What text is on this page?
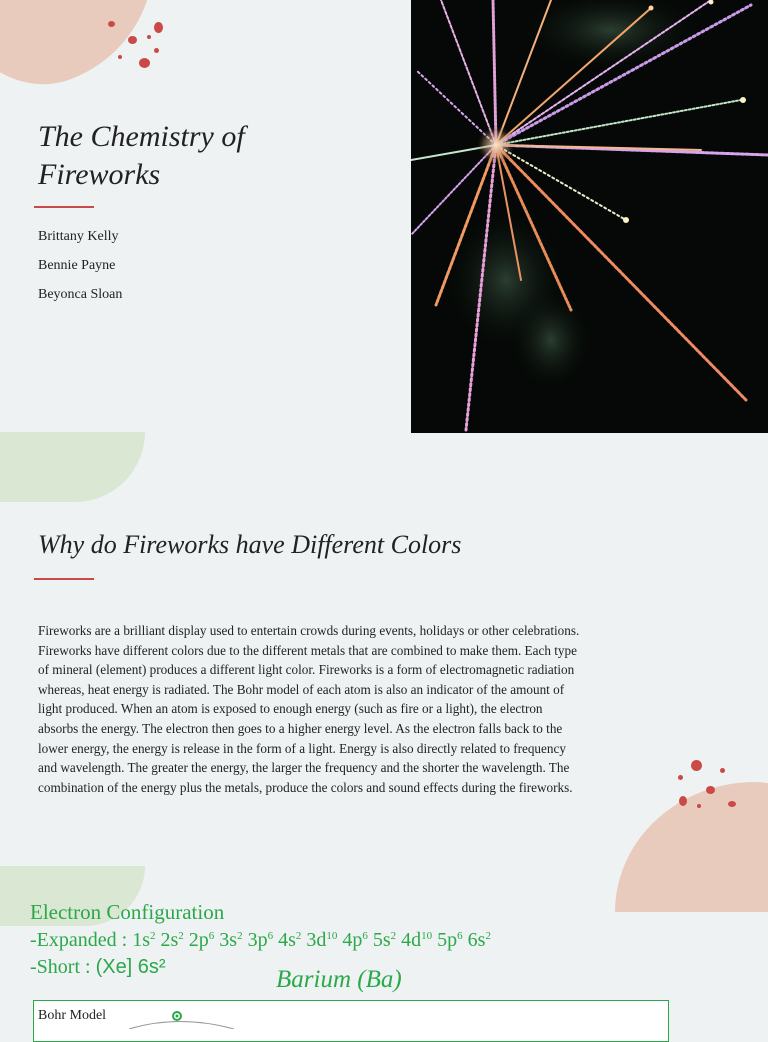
The Chemistry of
Fireworks
Brittany Kelly
Bennie Payne
Beyonca Sloan
Why do Fireworks have Different Colors
Fireworks are a brilliant display used to entertain crowds during events, holidays or other celebrations.
Fireworks have different colors due to the different metals that are combined to make them. Each type
of mineral (element) produces a different light color. Fireworks is a form of electromagnetic radiation
whereas, heat energy is radiated. The Bohr model of each atom is also an indicator of the amount of
light produced. When an atom is exposed to enough energy (such as fire or a light), the electron
absorbs the energy. The electron then goes to a higher energy level. As the electron falls back to the
lower energy, the energy is release in the form of a light. Energy is also directly related to frequency
and wavelength. The greater the energy, the larger the frequency and the shorter the wavelength. The
combination of the energy plus the metals, produce the colors and sound effects during the fireworks.
Electron Configuration
-Expanded : $1s^2$ $2s^2$ $2p^6$ $3s^2$ $3p^6$ $4s^2$ $3d^{10}$ $4p^6$ $5s^2$ $4d^{10}$ $5p^6$ $6s^2$
-Short : (Xe] 6s²	Barium (Ba)
Bohr Model
